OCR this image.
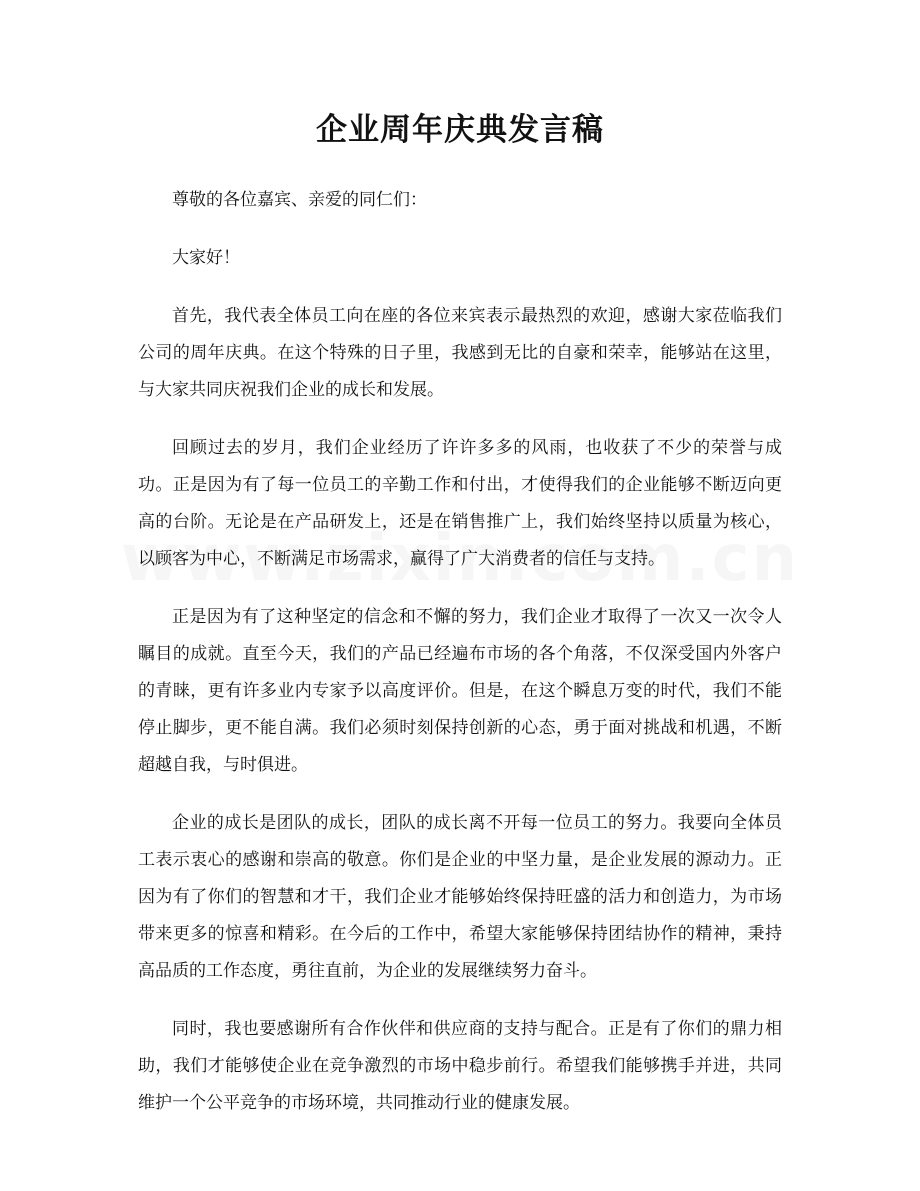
企业周年庆典发言稿

尊敬的各位嘉宾、亲爱的同仁们：

大家好！

首先，我代表全体员工向在座的各位来宾表示最热烈的欢迎，感谢大家莅临我们公司的周年庆典。在这个特殊的日子里，我感到无比的自豪和荣幸，能够站在这里，与大家共同庆祝我们企业的成长和发展。

回顾过去的岁月，我们企业经历了许许多多的风雨，也收获了不少的荣誉与成功。正是因为有了每一位员工的辛勤工作和付出，才使得我们的企业能够不断迈向更高的台阶。无论是在产品研发上，还是在销售推广上，我们始终坚持以质量为核心，以顾客为中心，不断满足市场需求，赢得了广大消费者的信任与支持。

正是因为有了这种坚定的信念和不懈的努力，我们企业才取得了一次又一次令人瞩目的成就。直至今天，我们的产品已经遍布市场的各个角落，不仅深受国内外客户的青睐，更有许多业内专家予以高度评价。但是，在这个瞬息万变的时代，我们不能停止脚步，更不能自满。我们必须时刻保持创新的心态，勇于面对挑战和机遇，不断超越自我，与时俱进。

企业的成长是团队的成长，团队的成长离不开每一位员工的努力。我要向全体员工表示衷心的感谢和崇高的敬意。你们是企业的中坚力量，是企业发展的源动力。正因为有了你们的智慧和才干，我们企业才能够始终保持旺盛的活力和创造力，为市场带来更多的惊喜和精彩。在今后的工作中，希望大家能够保持团结协作的精神，秉持高品质的工作态度，勇往直前，为企业的发展继续努力奋斗。

同时，我也要感谢所有合作伙伴和供应商的支持与配合。正是有了你们的鼎力相助，我们才能够使企业在竞争激烈的市场中稳步前行。希望我们能够携手并进，共同维护一个公平竞争的市场环境，共同推动行业的健康发展。
